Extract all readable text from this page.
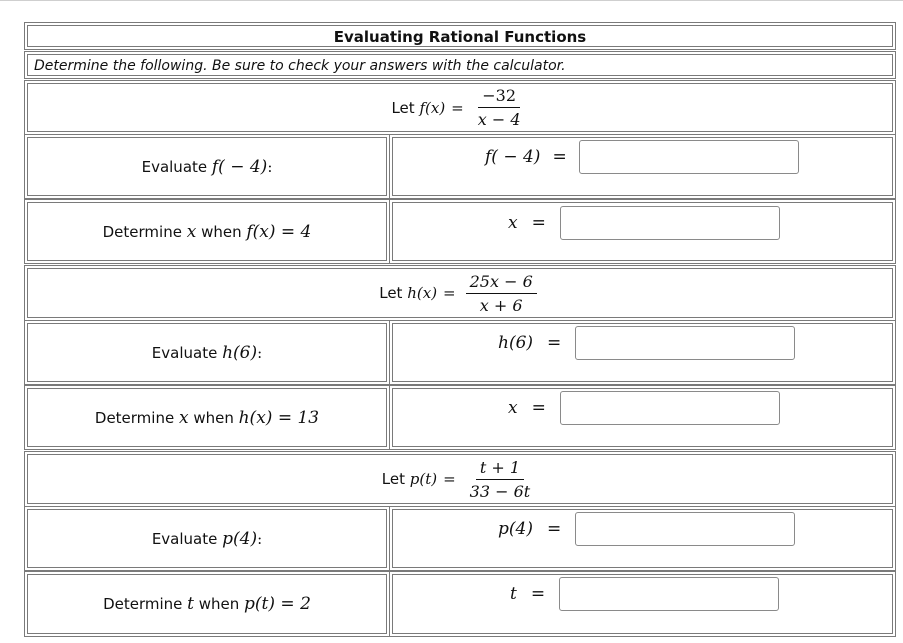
Evaluating Rational Functions
Determine the following. Be sure to check your answers with the calculator.
Let $f(x) = \frac{-32}{x - 4}$
Evaluate f( − 4) :	f( − 4) =
Determine x when f(x) = 4	x =
Let $h(x) = \frac{25x - 6}{x + 6}$
Evaluate h(6) :	h(6) =
Determine x when h(x) = 13	x =
Let $p(t) = \frac{t + 1}{33 - 6t}$
Evaluate p(4) :	p(4) =
Determine t when p(t) = 2	t =
